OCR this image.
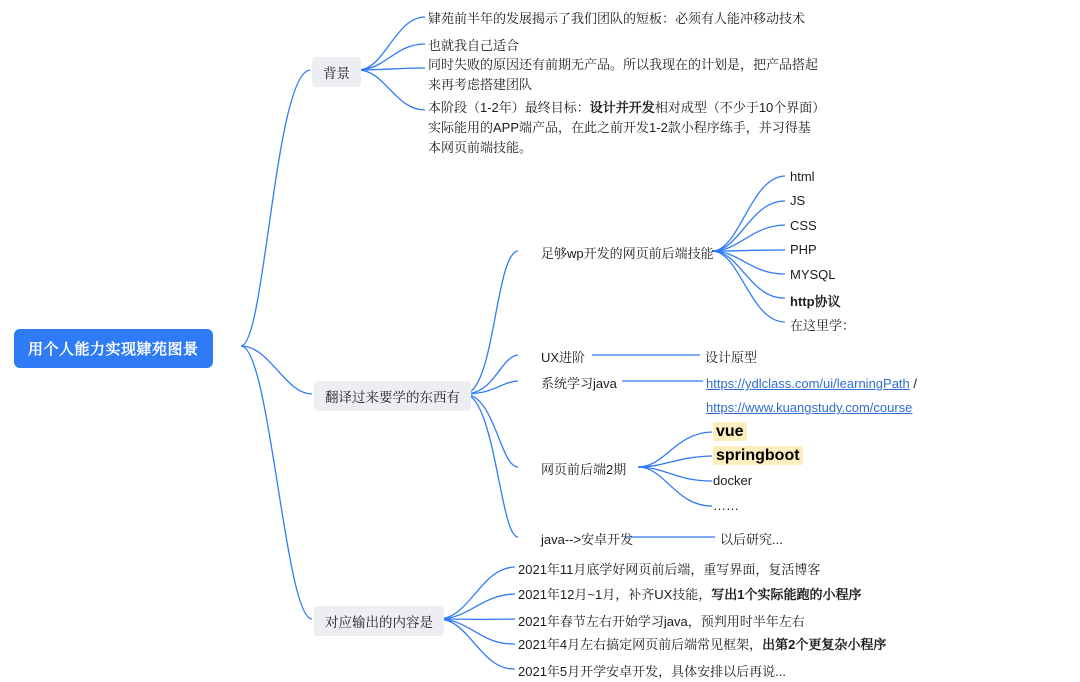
用个人能力实现肄苑图景
背景
肄苑前半年的发展揭示了我们团队的短板：必须有人能冲移动技术
也就我自己适合
同时失败的原因还有前期无产品。所以我现在的计划是，把产品搭起来再考虑搭建团队
本阶段（1-2年）最终目标：设计并开发相对成型（不少于10个界面）实际能用的APP端产品，在此之前开发1-2款小程序练手，并习得基本网页前端技能。
翻译过来要学的东西有
足够wp开发的网页前后端技能
html
JS
CSS
PHP
MYSQL
http协议
在这里学：
UX进阶	设计原型
系统学习java	https://ydlclass.com/ui/learningPath / https://www.kuangstudy.com/course
网页前后端2期
vue
springboot
docker
……
java-->安卓开发	以后研究...
对应输出的内容是
2021年11月底学好网页前后端，重写界面，复活博客
2021年12月~1月，补齐UX技能，写出1个实际能跑的小程序
2021年春节左右开始学习java，预判用时半年左右
2021年4月左右搞定网页前后端常见框架，出第2个更复杂小程序
2021年5月开学安卓开发，具体安排以后再说...
